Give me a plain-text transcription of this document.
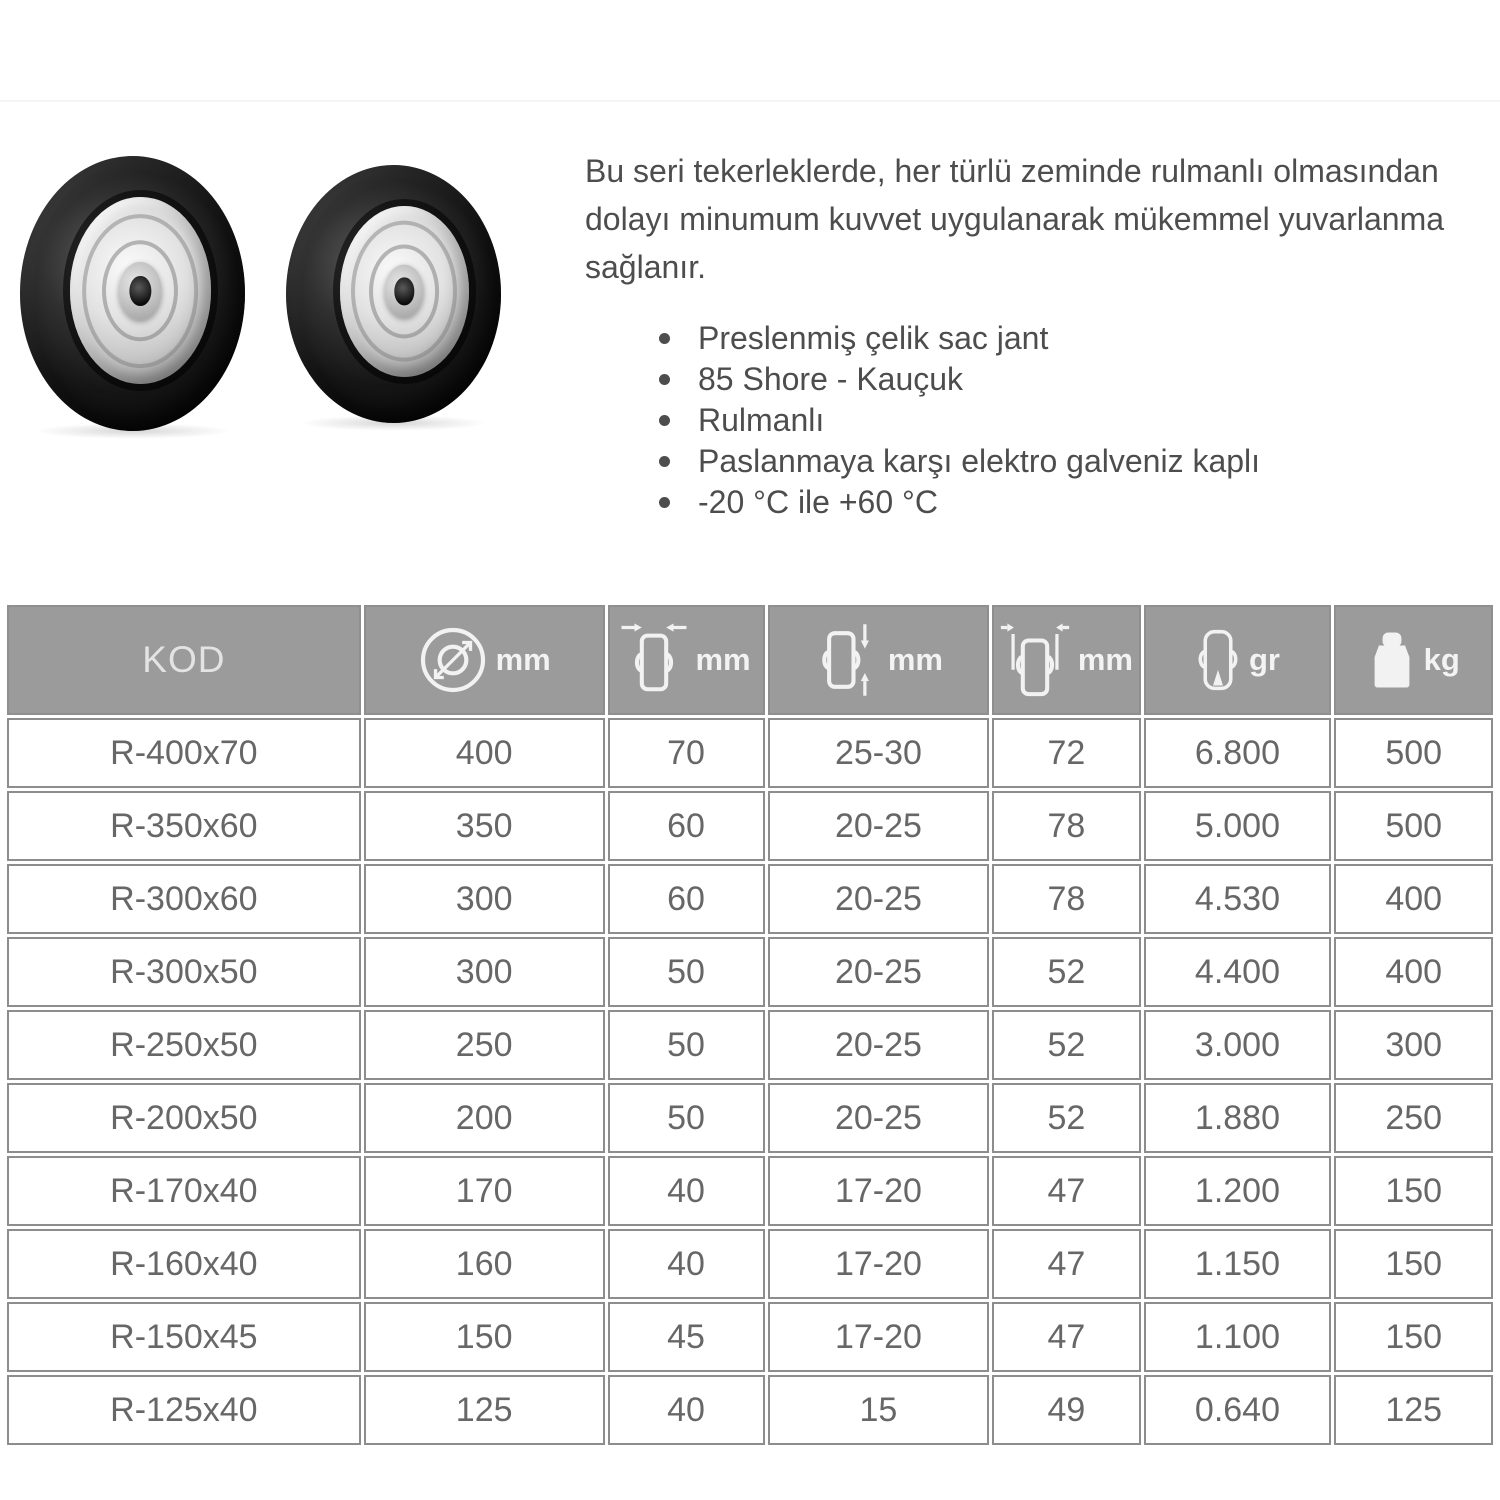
Bu seri tekerleklerde, her türlü zeminde rulmanlı olmasından dolayı minumum kuvvet uygulanarak mükemmel yuvarlanma sağlanır.

Preslenmiş çelik sac jant
85 Shore - Kauçuk
Rulmanlı
Paslanmaya karşı elektro galveniz kaplı
-20 °C ile +60 °C
KOD	mm	mm	mm	mm	gr	kg

R-400x70	400	70	25-30	72	6.800	500
R-350x60	350	60	20-25	78	5.000	500
R-300x60	300	60	20-25	78	4.530	400
R-300x50	300	50	20-25	52	4.400	400
R-250x50	250	50	20-25	52	3.000	300
R-200x50	200	50	20-25	52	1.880	250
R-170x40	170	40	17-20	47	1.200	150
R-160x40	160	40	17-20	47	1.150	150
R-150x45	150	45	17-20	47	1.100	150
R-125x40	125	40	15	49	0.640	125
